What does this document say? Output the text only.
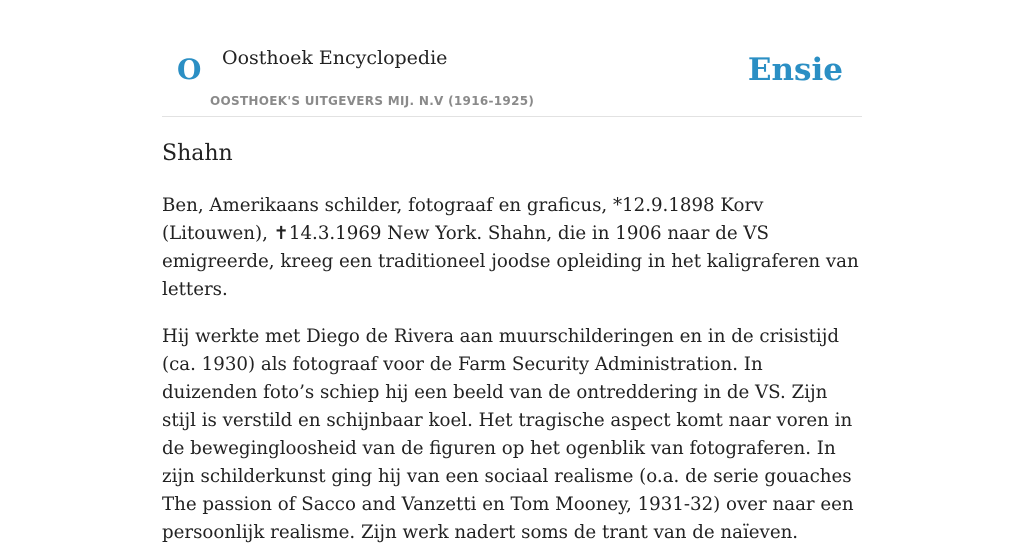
O Oosthoek Encyclopedie
OOSTHOEK'S UITGEVERS MIJ. N.V (1916-1925)
Ensie
Shahn

Ben, Amerikaans schilder, fotograaf en graficus, *12.9.1898 Korv (Litouwen), ✝14.3.1969 New York. Shahn, die in 1906 naar de VS emigreerde, kreeg een traditioneel joodse opleiding in het kaligraferen van letters.

Hij werkte met Diego de Rivera aan muurschilderingen en in de crisistijd (ca. 1930) als fotograaf voor de Farm Security Administration. In duizenden foto’s schiep hij een beeld van de ontreddering in de VS. Zijn stijl is verstild en schijnbaar koel. Het tragische aspect komt naar voren in de bewegingloosheid van de figuren op het ogenblik van fotograferen. In zijn schilderkunst ging hij van een sociaal realisme (o.a. de serie gouaches The passion of Sacco and Vanzetti en Tom Mooney, 1931-32) over naar een persoonlijk realisme. Zijn werk nadert soms de trant van de naïeven.
